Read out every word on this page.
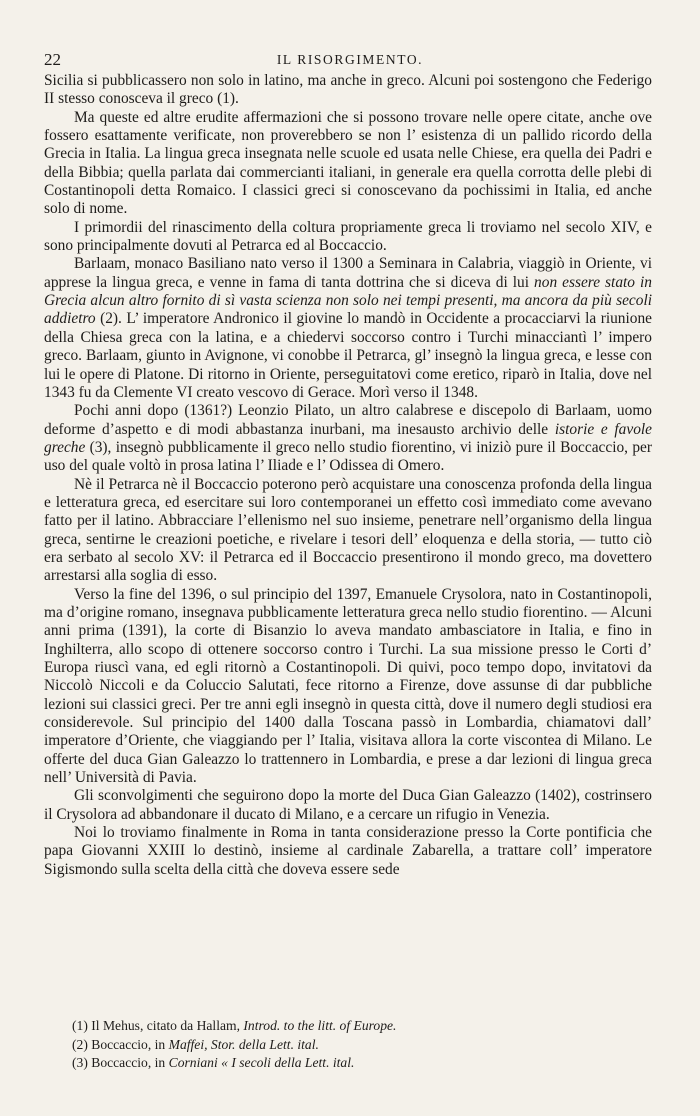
22	IL RISORGIMENTO.

Sicilia si pubblicassero non solo in latino, ma anche in greco. Alcuni poi sostengono che Federigo II stesso conosceva il greco (1).

Ma queste ed altre erudite affermazioni che si possono trovare nelle opere citate, anche ove fossero esattamente verificate, non proverebbero se non l’ esistenza di un pallido ricordo della Grecia in Italia. La lingua greca insegnata nelle scuole ed usata nelle Chiese, era quella dei Padri e della Bibbia; quella parlata dai commercianti italiani, in generale era quella corrotta delle plebi di Costantinopoli detta Romaico. I classici greci si conoscevano da pochissimi in Italia, ed anche solo di nome.

I primordii del rinascimento della coltura propriamente greca li troviamo nel secolo XIV, e sono principalmente dovuti al Petrarca ed al Boccaccio.

Barlaam, monaco Basiliano nato verso il 1300 a Seminara in Calabria, viaggiò in Oriente, vi apprese la lingua greca, e venne in fama di tanta dottrina che si diceva di lui non essere stato in Grecia alcun altro fornito di sì vasta scienza non solo nei tempi presenti, ma ancora da più secoli addietro (2). L’ imperatore Andronico il giovine lo mandò in Occidente a procacciarvi la riunione della Chiesa greca con la latina, e a chiedervi soccorso contro i Turchi minacciantì l’ impero greco. Barlaam, giunto in Avignone, vi conobbe il Petrarca, gl’ insegnò la lingua greca, e lesse con lui le opere di Platone. Di ritorno in Oriente, perseguitatovi come eretico, riparò in Italia, dove nel 1343 fu da Clemente VI creato vescovo di Gerace. Morì verso il 1348.

Pochi anni dopo (1361?) Leonzio Pilato, un altro calabrese e discepolo di Barlaam, uomo deforme d’aspetto e di modi abbastanza inurbani, ma inesausto archivio delle istorie e favole greche (3), insegnò pubblicamente il greco nello studio fiorentino, vi iniziò pure il Boccaccio, per uso del quale voltò in prosa latina l’ Iliade e l’ Odissea di Omero.

Nè il Petrarca nè il Boccaccio poterono però acquistare una conoscenza profonda della lingua e letteratura greca, ed esercitare sui loro contemporanei un effetto così immediato come avevano fatto per il latino. Abbracciare l’ellenismo nel suo insieme, penetrare nell’organismo della lingua greca, sentirne le creazioni poetiche, e rivelare i tesori dell’ eloquenza e della storia, — tutto ciò era serbato al secolo XV: il Petrarca ed il Boccaccio presentirono il mondo greco, ma dovettero arrestarsi alla soglia di esso.

Verso la fine del 1396, o sul principio del 1397, Emanuele Crysolora, nato in Costantinopoli, ma d’origine romano, insegnava pubblicamente letteratura greca nello studio fiorentino. — Alcuni anni prima (1391), la corte di Bisanzio lo aveva mandato ambasciatore in Italia, e fino in Inghilterra, allo scopo di ottenere soccorso contro i Turchi. La sua missione presso le Corti d’ Europa riuscì vana, ed egli ritornò a Costantinopoli. Di quivi, poco tempo dopo, invitatovi da Niccolò Niccoli e da Coluccio Salutati, fece ritorno a Firenze, dove assunse di dar pubbliche lezioni sui classici greci. Per tre anni egli insegnò in questa città, dove il numero degli studiosi era considerevole. Sul principio del 1400 dalla Toscana passò in Lombardia, chiamatovi dall’ imperatore d’Oriente, che viaggiando per l’ Italia, visitava allora la corte viscontea di Milano. Le offerte del duca Gian Galeazzo lo trattennero in Lombardia, e prese a dar lezioni di lingua greca nell’ Università di Pavia.

Gli sconvolgimenti che seguirono dopo la morte del Duca Gian Galeazzo (1402), costrinsero il Crysolora ad abbandonare il ducato di Milano, e a cercare un rifugio in Venezia.

Noi lo troviamo finalmente in Roma in tanta considerazione presso la Corte pontificia che papa Giovanni XXIII lo destinò, insieme al cardinale Zabarella, a trattare coll’ imperatore Sigismondo sulla scelta della città che doveva essere sede

(1) Il Mehus, citato da Hallam, Introd. to the litt. of Europe.

(2) Boccaccio, in Maffei, Stor. della Lett. ital.

(3) Boccaccio, in Corniani « I secoli della Lett. ital.
